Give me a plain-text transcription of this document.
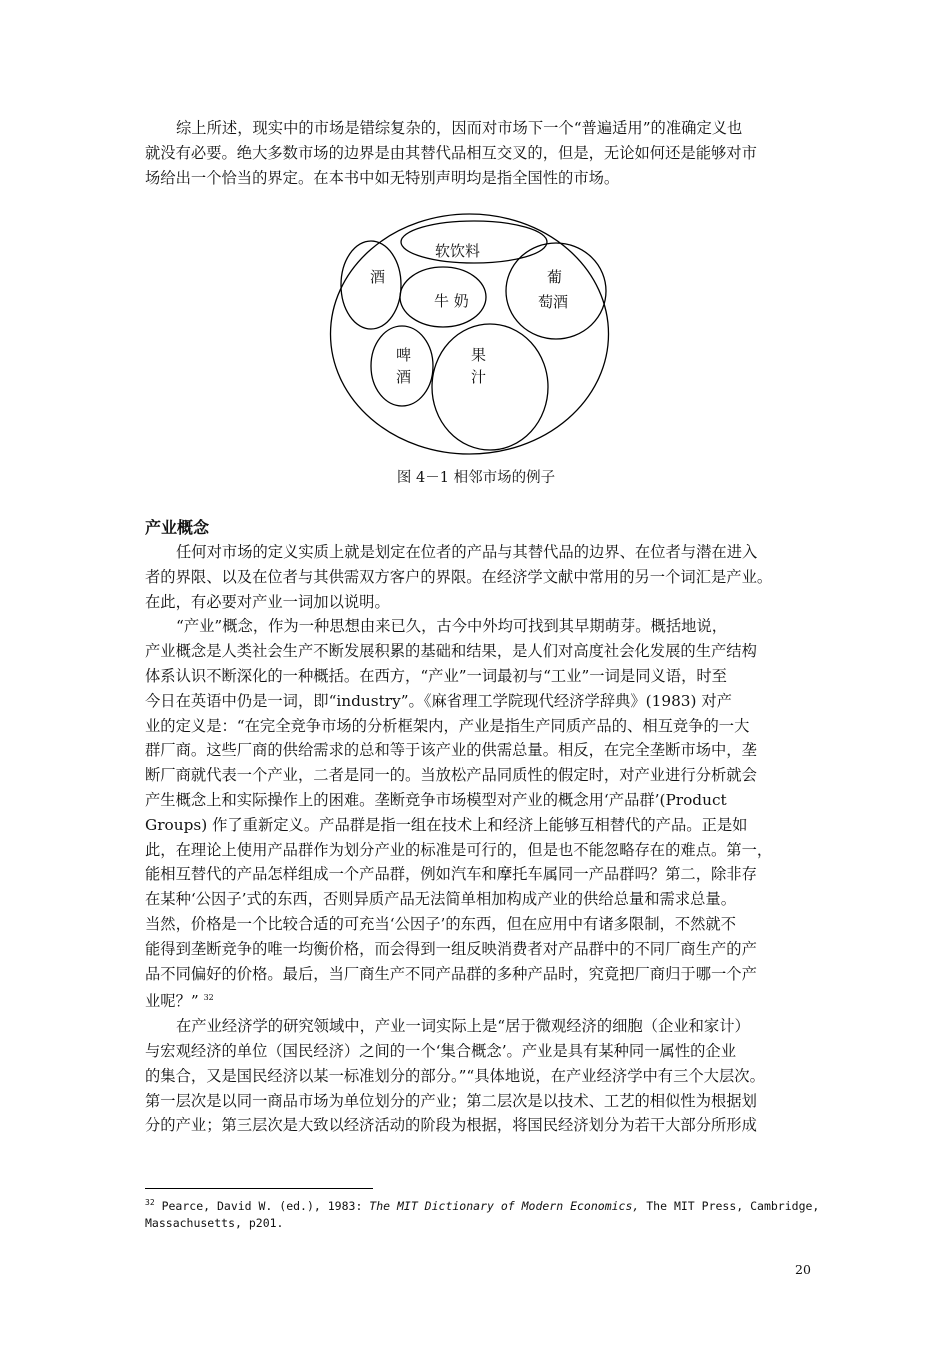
综上所述，现实中的市场是错综复杂的，因而对市场下一个“普遍适用”的准确定义也
就没有必要。绝大多数市场的边界是由其替代品相互交叉的，但是，无论如何还是能够对市
场给出一个恰当的界定。在本书中如无特别声明均是指全国性的市场。
软饮料
酒
牛 奶
葡
萄酒
啤
酒
果
汁
图 4－1 相邻市场的例子
产业概念
任何对市场的定义实质上就是划定在位者的产品与其替代品的边界、在位者与潜在进入
者的界限、以及在位者与其供需双方客户的界限。在经济学文献中常用的另一个词汇是产业。
在此，有必要对产业一词加以说明。
“产业”概念，作为一种思想由来已久，古今中外均可找到其早期萌芽。概括地说，
产业概念是人类社会生产不断发展积累的基础和结果，是人们对高度社会化发展的生产结构
体系认识不断深化的一种概括。在西方，“产业”一词最初与“工业”一词是同义语，时至
今日在英语中仍是一词，即“industry”。《麻省理工学院现代经济学辞典》(1983) 对产
业的定义是：“在完全竞争市场的分析框架内，产业是指生产同质产品的、相互竞争的一大
群厂商。这些厂商的供给需求的总和等于该产业的供需总量。相反，在完全垄断市场中，垄
断厂商就代表一个产业，二者是同一的。当放松产品同质性的假定时，对产业进行分析就会
产生概念上和实际操作上的困难。垄断竞争市场模型对产业的概念用‘产品群’(Product
Groups) 作了重新定义。产品群是指一组在技术上和经济上能够互相替代的产品。正是如
此，在理论上使用产品群作为划分产业的标准是可行的，但是也不能忽略存在的难点。第一，
能相互替代的产品怎样组成一个产品群，例如汽车和摩托车属同一产品群吗？第二，除非存
在某种‘公因子’式的东西，否则异质产品无法简单相加构成产业的供给总量和需求总量。
当然，价格是一个比较合适的可充当‘公因子’的东西，但在应用中有诸多限制，不然就不
能得到垄断竞争的唯一均衡价格，而会得到一组反映消费者对产品群中的不同厂商生产的产
品不同偏好的价格。最后，当厂商生产不同产品群的多种产品时，究竟把厂商归于哪一个产
业呢？” $^{32}$
在产业经济学的研究领域中，产业一词实际上是“居于微观经济的细胞（企业和家计）
与宏观经济的单位（国民经济）之间的一个‘集合概念’。产业是具有某种同一属性的企业
的集合，又是国民经济以某一标准划分的部分。”“具体地说，在产业经济学中有三个大层次。
第一层次是以同一商品市场为单位划分的产业；第二层次是以技术、工艺的相似性为根据划
分的产业；第三层次是大致以经济活动的阶段为根据，将国民经济划分为若干大部分所形成
$^{32}$ Pearce, David W. (ed.), 1983: The MIT Dictionary of Modern Economics, The MIT Press, Cambridge,
Massachusetts, p201.
20
